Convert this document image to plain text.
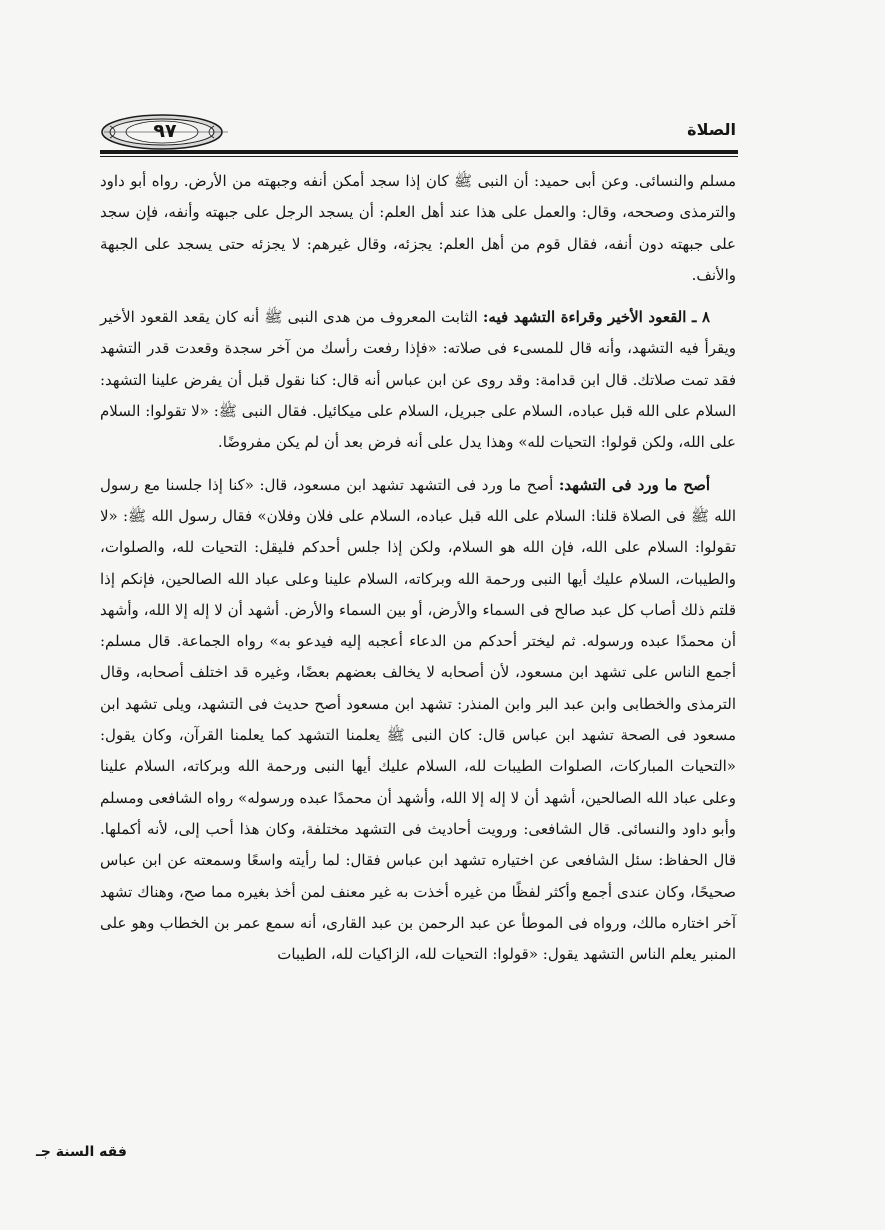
٩٧	الصلاة

مسلم والنسائى. وعن أبى حميد: أن النبى ﷺ كان إذا سجد أمكن أنفه وجبهته من الأرض. رواه أبو داود والترمذى وصححه، وقال: والعمل على هذا عند أهل العلم: أن يسجد الرجل على جبهته وأنفه، فإن سجد على جبهته دون أنفه، فقال قوم من أهل العلم: يجزئه، وقال غيرهم: لا يجزئه حتى يسجد على الجبهة والأنف.

٨ ـ القعود الأخير وقراءة التشهد فيه: الثابت المعروف من هدى النبى ﷺ أنه كان يقعد القعود الأخير ويقرأ فيه التشهد، وأنه قال للمسىء فى صلاته: «فإذا رفعت رأسك من آخر سجدة وقعدت قدر التشهد فقد تمت صلاتك. قال ابن قدامة: وقد روى عن ابن عباس أنه قال: كنا نقول قبل أن يفرض علينا التشهد: السلام على الله قبل عباده، السلام على جبريل، السلام على ميكائيل. فقال النبى ﷺ: «لا تقولوا: السلام على الله، ولكن قولوا: التحيات لله» وهذا يدل على أنه فرض بعد أن لم يكن مفروضًا.

أصح ما ورد فى التشهد: أصح ما ورد فى التشهد تشهد ابن مسعود، قال: «كنا إذا جلسنا مع رسول الله ﷺ فى الصلاة قلنا: السلام على الله قبل عباده، السلام على فلان وفلان» فقال رسول الله ﷺ: «لا تقولوا: السلام على الله، فإن الله هو السلام، ولكن إذا جلس أحدكم فليقل: التحيات لله، والصلوات، والطيبات، السلام عليك أيها النبى ورحمة الله وبركاته، السلام علينا وعلى عباد الله الصالحين، فإنكم إذا قلتم ذلك أصاب كل عبد صالح فى السماء والأرض، أو بين السماء والأرض. أشهد أن لا إله إلا الله، وأشهد أن محمدًا عبده ورسوله. ثم ليختر أحدكم من الدعاء أعجبه إليه فيدعو به» رواه الجماعة. قال مسلم: أجمع الناس على تشهد ابن مسعود، لأن أصحابه لا يخالف بعضهم بعضًا، وغيره قد اختلف أصحابه، وقال الترمذى والخطابى وابن عبد البر وابن المنذر: تشهد ابن مسعود أصح حديث فى التشهد، ويلى تشهد ابن مسعود فى الصحة تشهد ابن عباس قال: كان النبى ﷺ يعلمنا التشهد كما يعلمنا القرآن، وكان يقول: «التحيات المباركات، الصلوات الطيبات لله، السلام عليك أيها النبى ورحمة الله وبركاته، السلام علينا وعلى عباد الله الصالحين، أشهد أن لا إله إلا الله، وأشهد أن محمدًا عبده ورسوله» رواه الشافعى ومسلم وأبو داود والنسائى. قال الشافعى: ورويت أحاديث فى التشهد مختلفة، وكان هذا أحب إلى، لأنه أكملها. قال الحفاظ: سئل الشافعى عن اختياره تشهد ابن عباس فقال: لما رأيته واسعًا وسمعته عن ابن عباس صحيحًا، وكان عندى أجمع وأكثر لفظًا من غيره أخذت به غير معنف لمن أخذ بغيره مما صح، وهناك تشهد آخر اختاره مالك، ورواه فى الموطأ عن عبد الرحمن بن عبد القارى، أنه سمع عمر بن الخطاب وهو على المنبر يعلم الناس التشهد يقول: «قولوا: التحيات لله، الزاكيات لله، الطيبات

فقه السنة جـ
